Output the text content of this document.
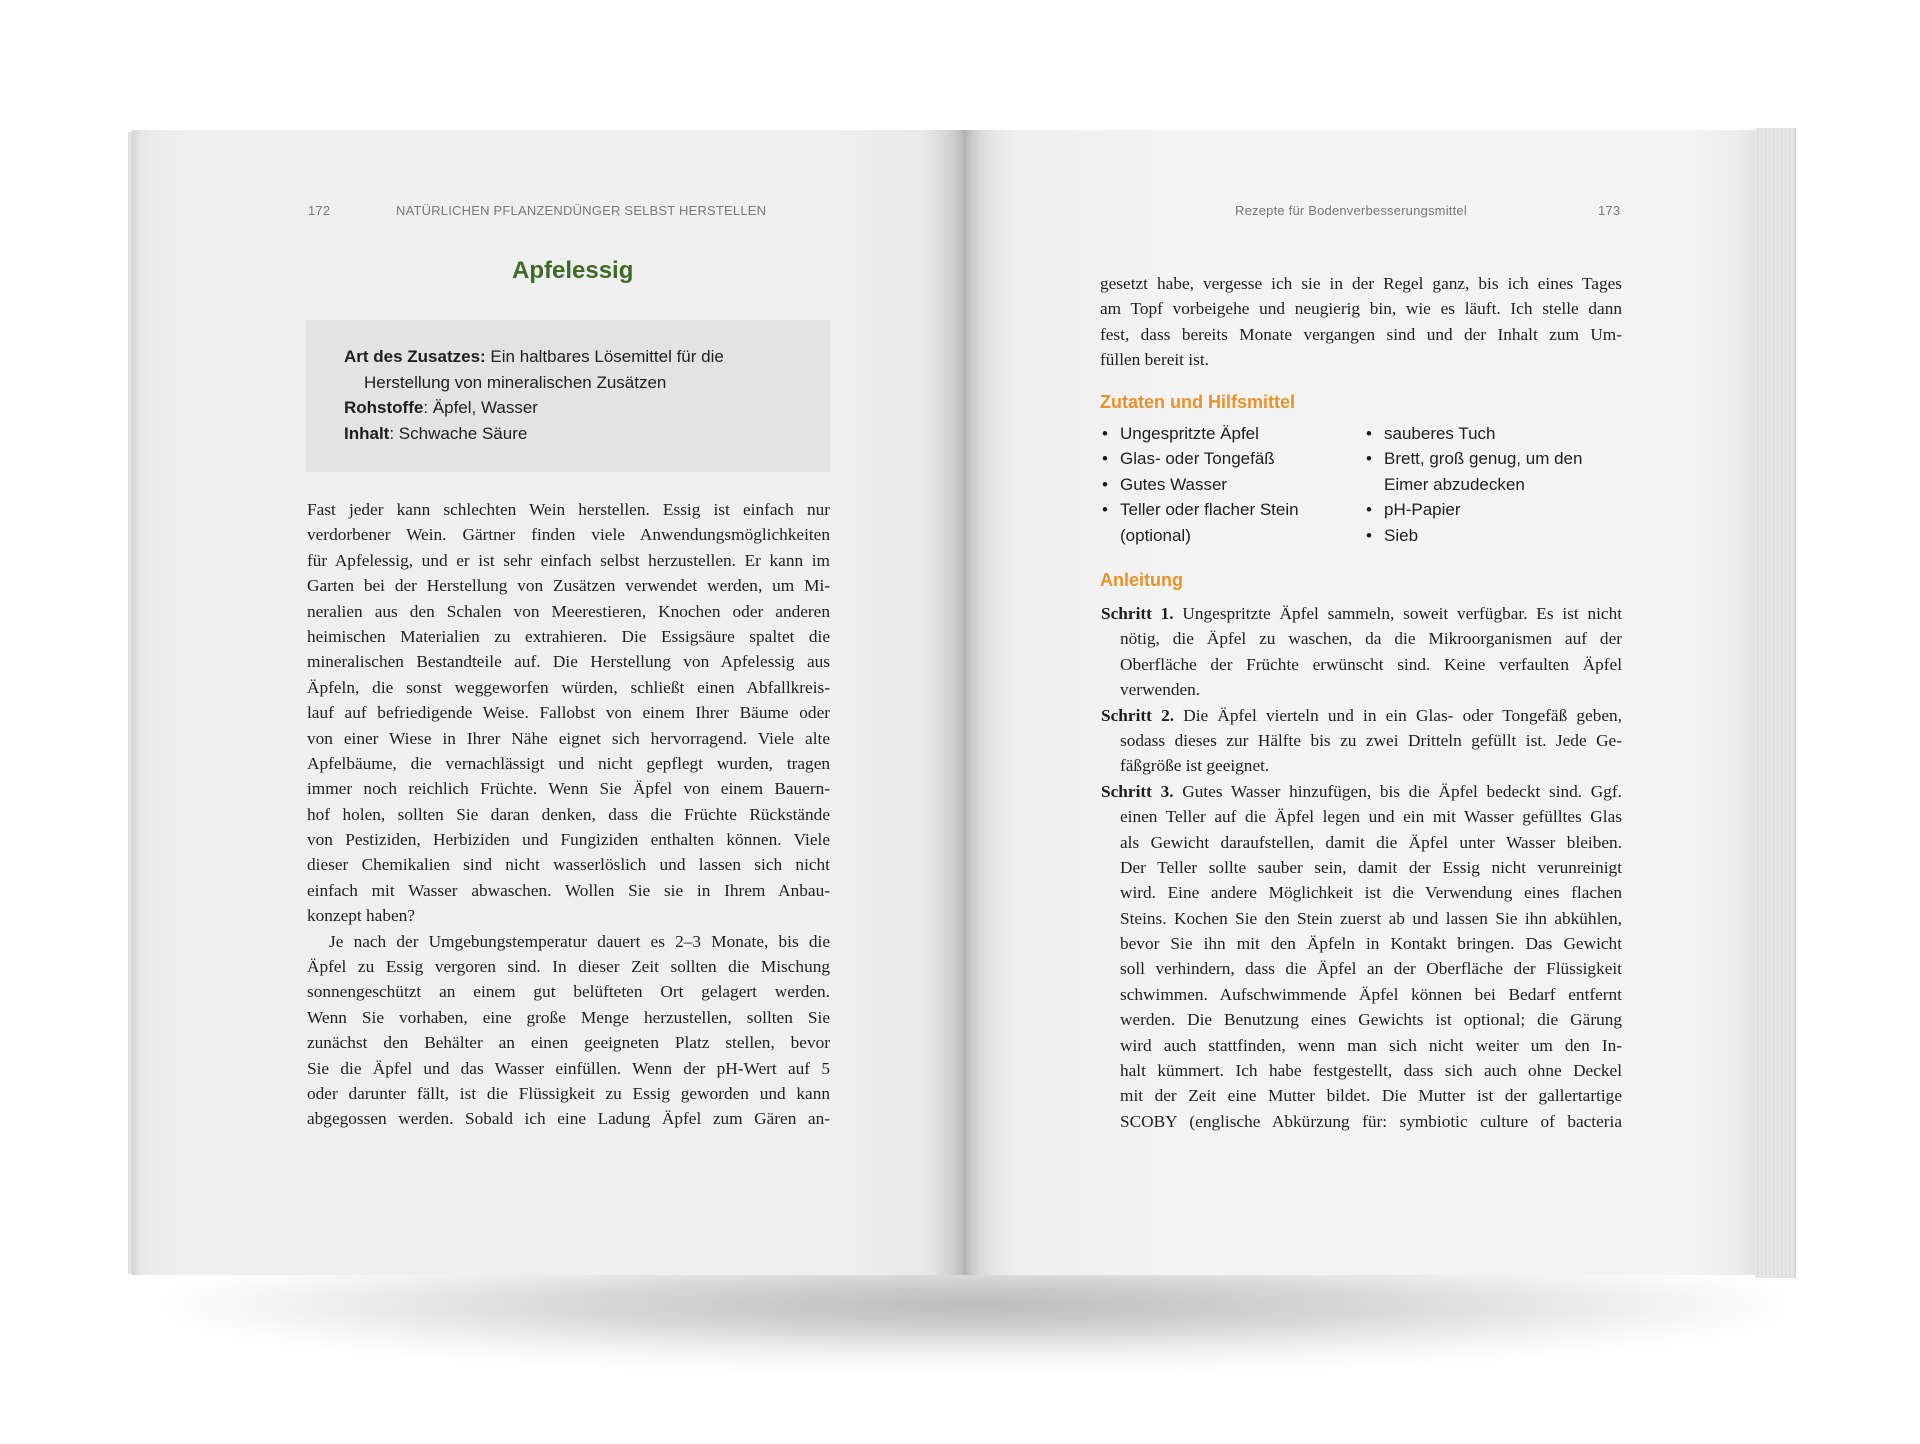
172	NATÜRLICHEN PFLANZENDÜNGER SELBST HERSTELLEN
Apfelessig
Art des Zusatzes: Ein haltbares Lösemittel für die
Herstellung von mineralischen Zusätzen
Rohstoffe: Äpfel, Wasser
Inhalt: Schwache Säure
Fast jeder kann schlechten Wein herstellen. Essig ist einfach nur
verdorbener Wein. Gärtner finden viele Anwendungsmöglichkeiten
für Apfelessig, und er ist sehr einfach selbst herzustellen. Er kann im
Garten bei der Herstellung von Zusätzen verwendet werden, um Mi-
neralien aus den Schalen von Meerestieren, Knochen oder anderen
heimischen Materialien zu extrahieren. Die Essigsäure spaltet die
mineralischen Bestandteile auf. Die Herstellung von Apfelessig aus
Äpfeln, die sonst weggeworfen würden, schließt einen Abfallkreis-
lauf auf befriedigende Weise. Fallobst von einem Ihrer Bäume oder
von einer Wiese in Ihrer Nähe eignet sich hervorragend. Viele alte
Apfelbäume, die vernachlässigt und nicht gepflegt wurden, tragen
immer noch reichlich Früchte. Wenn Sie Äpfel von einem Bauern-
hof holen, sollten Sie daran denken, dass die Früchte Rückstände
von Pestiziden, Herbiziden und Fungiziden enthalten können. Viele
dieser Chemikalien sind nicht wasserlöslich und lassen sich nicht
einfach mit Wasser abwaschen. Wollen Sie sie in Ihrem Anbau-
konzept haben?
Je nach der Umgebungstemperatur dauert es 2–3 Monate, bis die
Äpfel zu Essig vergoren sind. In dieser Zeit sollten die Mischung
sonnengeschützt an einem gut belüfteten Ort gelagert werden.
Wenn Sie vorhaben, eine große Menge herzustellen, sollten Sie
zunächst den Behälter an einen geeigneten Platz stellen, bevor
Sie die Äpfel und das Wasser einfüllen. Wenn der pH-Wert auf 5
oder darunter fällt, ist die Flüssigkeit zu Essig geworden und kann
abgegossen werden. Sobald ich eine Ladung Äpfel zum Gären an-
Rezepte für Bodenverbesserungsmittel	173
gesetzt habe, vergesse ich sie in der Regel ganz, bis ich eines Tages
am Topf vorbeigehe und neugierig bin, wie es läuft. Ich stelle dann
fest, dass bereits Monate vergangen sind und der Inhalt zum Um-
füllen bereit ist.
Zutaten und Hilfsmittel
• Ungespritzte Äpfel
• Glas- oder Tongefäß
• Gutes Wasser
• Teller oder flacher Stein
(optional)
• sauberes Tuch
• Brett, groß genug, um den
Eimer abzudecken
• pH-Papier
• Sieb
Anleitung
Schritt 1. Ungespritzte Äpfel sammeln, soweit verfügbar. Es ist nicht
nötig, die Äpfel zu waschen, da die Mikroorganismen auf der
Oberfläche der Früchte erwünscht sind. Keine verfaulten Äpfel
verwenden.
Schritt 2. Die Äpfel vierteln und in ein Glas- oder Tongefäß geben,
sodass dieses zur Hälfte bis zu zwei Dritteln gefüllt ist. Jede Ge-
fäßgröße ist geeignet.
Schritt 3. Gutes Wasser hinzufügen, bis die Äpfel bedeckt sind. Ggf.
einen Teller auf die Äpfel legen und ein mit Wasser gefülltes Glas
als Gewicht daraufstellen, damit die Äpfel unter Wasser bleiben.
Der Teller sollte sauber sein, damit der Essig nicht verunreinigt
wird. Eine andere Möglichkeit ist die Verwendung eines flachen
Steins. Kochen Sie den Stein zuerst ab und lassen Sie ihn abkühlen,
bevor Sie ihn mit den Äpfeln in Kontakt bringen. Das Gewicht
soll verhindern, dass die Äpfel an der Oberfläche der Flüssigkeit
schwimmen. Aufschwimmende Äpfel können bei Bedarf entfernt
werden. Die Benutzung eines Gewichts ist optional; die Gärung
wird auch stattfinden, wenn man sich nicht weiter um den In-
halt kümmert. Ich habe festgestellt, dass sich auch ohne Deckel
mit der Zeit eine Mutter bildet. Die Mutter ist der gallertartige
SCOBY (englische Abkürzung für: symbiotic culture of bacteria
